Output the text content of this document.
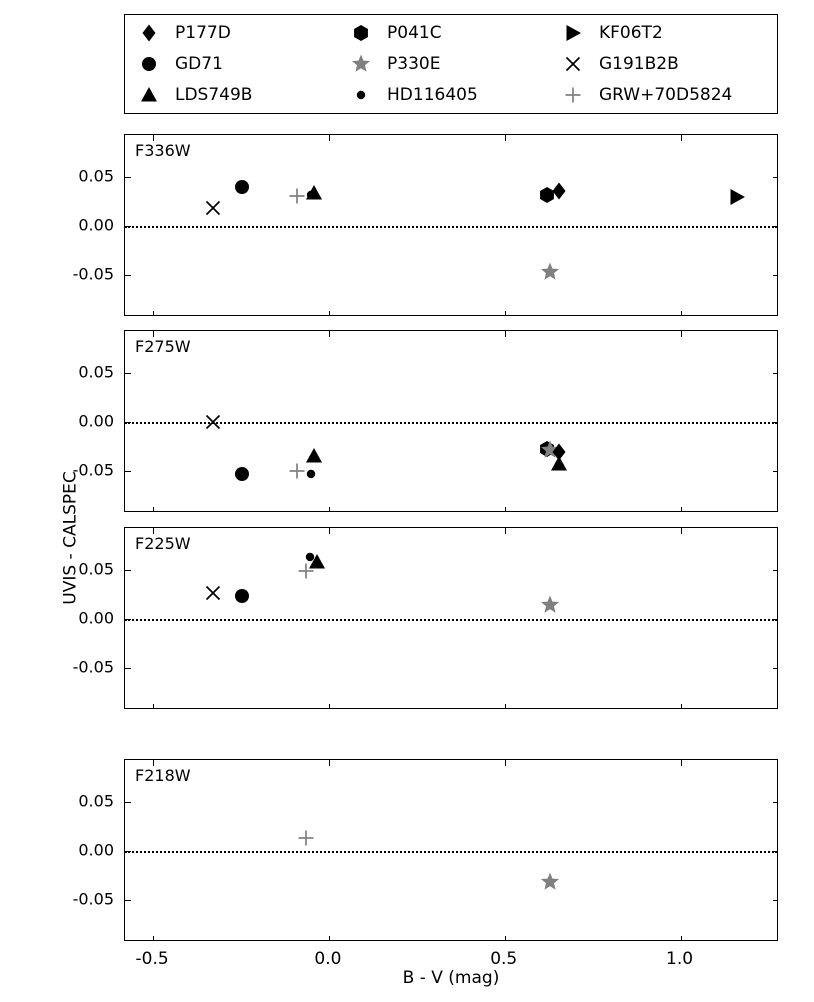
P177D	P041C	KF06T2
GD71	P330E	G191B2B
LDS749B	HD116405	GRW+70D5824
UVIS - CALSPEC
-0.05
0.00
0.05
F336W
-0.05
0.00
0.05
F275W
-0.05
0.00
0.05
F225W
-0.05
0.00
0.05
-0.5	0.0	0.5	1.0
F218W
B - V (mag)
